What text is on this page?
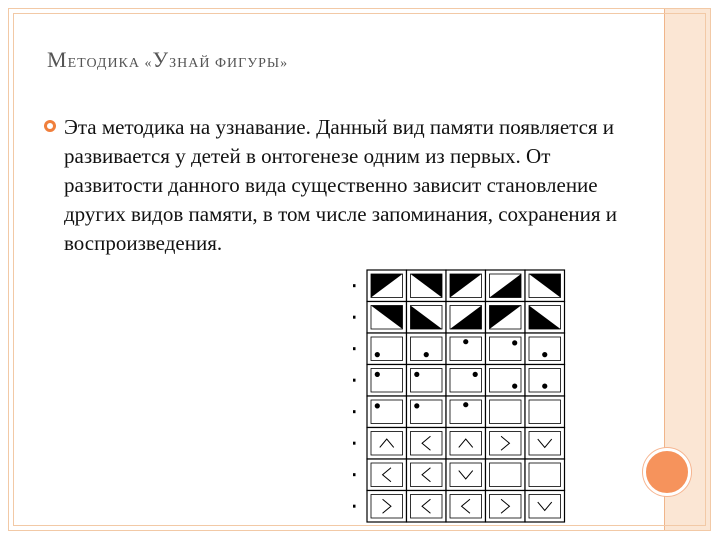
МЕТОДИКА «УЗНАЙ ФИГУРЫ»
Эта методика на узнавание. Данный вид памяти появляется и развивается у детей в онтогенезе одним из первых. От развитости данного вида существенно зависит становление других видов памяти, в том числе запоминания, сохранения и воспроизведения.
